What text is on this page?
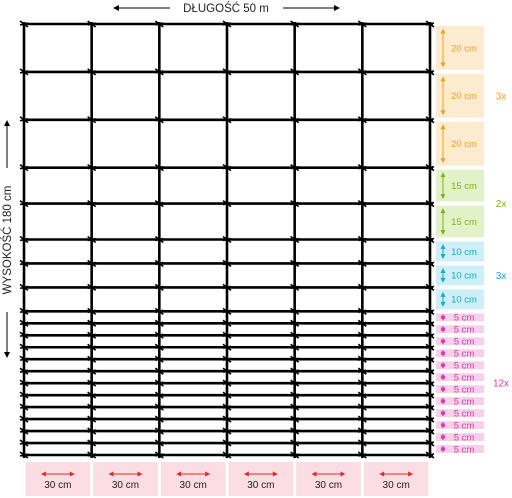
DŁUGOŚĆ 50 m
WYSOKOŚĆ 180 cm
20 cm
20 cm
20 cm
15 cm
15 cm
10 cm
10 cm
10 cm
5 cm
5 cm
5 cm
5 cm
5 cm
5 cm
5 cm
5 cm
5 cm
5 cm
5 cm
5 cm
3x
2x
3x
12x
30 cm	30 cm	30 cm	30 cm	30 cm	30 cm
